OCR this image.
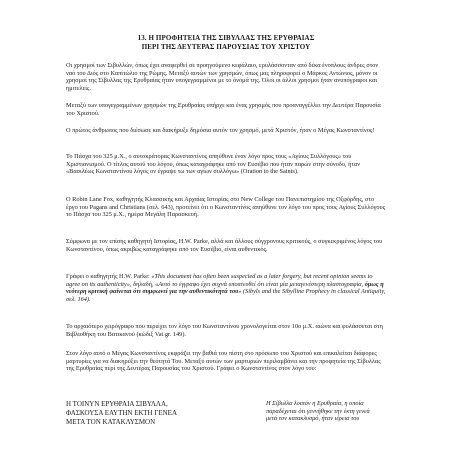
13. Η ΠΡΟΦΗΤΕΙΑ ΤΗΣ ΣΙΒΥΛΛΑΣ ΤΗΣ ΕΡΥΘΡΑΙΑΣ
ΠΕΡΙ ΤΗΣ ΔΕΥΤΕΡΑΣ ΠΑΡΟΥΣΙΑΣ ΤΟΥ ΧΡΙΣΤΟΥ

Οι χρησμοί των Σιβυλλών, όπως έχει αναφερθεί σε προηγούμενο κεφάλαιο, ερυλάσσονταν από δέκα ένοπλους άνδρες στον ναό του Διός στο Καπιτώλιο της Ρώμης. Μεταξύ αυτών των χρησμών, όπως μας πληροφορεί ο Μάρκος Αντώνιος, μόνον οι χρησμοί της Σίβυλλας της Ερυθραίας ήταν υπογεγραμμένοι με το όνομά της. Όλοι οι άλλοι χρησμοί ήταν ανυπόγραφοι και ημιτελείς.

Μεταξύ των υπογεγραμμένων χρησμών της Ερυθραίας υπήρχε και ένας χρησμός που προαναγγέλλει την Δευτέρα Παρουσία του Χριστού.

Ο πρώτος άνθρωπος που διέσωσε και διακήρυξε δημόσια αυτόν τον χρησμό, μετά Χριστόν, ήταν ο Μέγας Κωνσταντίνος!

Το Πάσχα του 325 μ.Χ., ο αυτοκράτορας Κωνσταντίνος απηύθυνε έναν λόγο προς τους «Αγίους Συλλόγους» του Χριστιανισμού. Ο τίτλος αυτού του λόγου, όπως καταγράφηκε από τον Ευσέβιο που ήταν παρών στην σύνοδο, ήταν «Βασιλέως Κωνσταντίνου λόγος ον έγραψε τω των αγίων συλλόγω» (Oration to the Saints).

Ο Robin Lane Fox, καθηγητής Κλασσικής και Αρχαίας Ιστορίας στο New College του Πανεπιστημίου της Οξφόρδης, στο έργο του Pagans and Christians (σελ. 643), προτείνει ότι ο Κωνσταντίνος απηύθυνε τον λόγο του προς τους Αγίους Συλλόγους το Πάσχα του 325 μ.Χ., ημέρα Μεγάλη Παρασκευή.

Σύμφωνα με τον επίσης καθηγητή Ιστορίας, H.W. Parke, αλλά και άλλους σύγχρονους κριτικούς, ο συγκεκριμένος λόγος του Κωνσταντίνου, όπως ακριβώς καταγράφηκε από τον Ευσέβιο, είναι αυθεντικός.

Γράφει ο καθηγητής H.W. Parke: «This document has often been suspected as a later forgery, but recent opinion seems to agree on its authenticity», δηλαδή, «Αυτό το έγγραφο έχει συχνά υποπτευθεί ότι είναι μία μεταγενέστερη πλαστογραφία, όμως η νεότερη κριτική φαίνεται ότι συμφωνεί για την αυθεντικότητά του» (Sibyls and the Sibylline Prophecy in classical Antiquity, σελ. 164).

Το αρχαιότερο χειρόγραφο που περιέχει τον λόγο του Κωνσταντίνου χρονολογείται στον 10ο μ.Χ. αιώνα και φυλάσσεται στη Βιβλιοθήκη του Βατικανού (κώδιξ Vat gr. 149).

Στον λόγο αυτό ο Μέγας Κωνσταντίνος εκφράζει την βαθιά του πίστη στο πρόσωπο του Χριστού και επικαλείται διάφορες μαρτυρίες για να διακηρύξει την θεότητά Του. Μεταξύ αυτών των μαρτυριών περιλαμβάνει και την προφητεία της Σίβυλλας της Ερυθραίας περί της Δευτέρας Παρουσίας του Χριστού. Γράφει ο Κωνσταντίνος στον λόγο του:

Η ΤΟΙΝΥΝ ΕΡΥΘΡΑΙΑ ΣΙΒΥΛΛΑ,
ΦΑΣΚΟΥΣΑ ΕΑΥΤΗΝ ΕΚΤΗ ΓΕΝΕΑ
ΜΕΤΑ ΤΟΝ ΚΑΤΑΚΛΥΣΜΟΝ
Η Σίβυλλα λοιπόν η Ερυθραία, η οποία
παραδέχεται ότι γεννήθηκε την έκτη γενεά
μετά τον κατακλυσμό, ήταν ιέρεια του
